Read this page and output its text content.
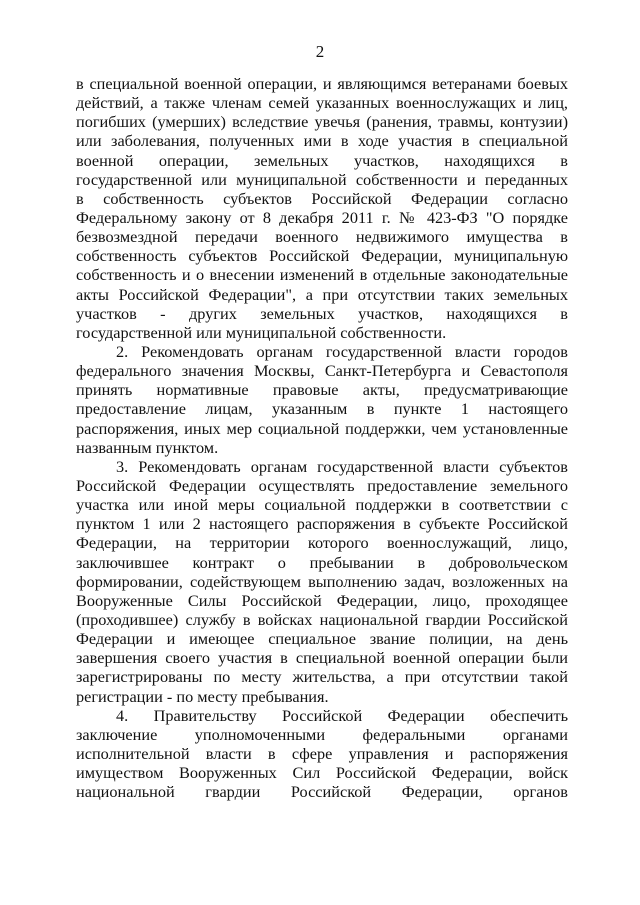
2
в специальной военной операции, и являющимся ветеранами боевых
действий, а также членам семей указанных военнослужащих и лиц,
погибших (умерших) вследствие увечья (ранения, травмы, контузии)
или заболевания, полученных ими в ходе участия в специальной
военной операции, земельных участков, находящихся в
государственной или муниципальной собственности и переданных
в собственность субъектов Российской Федерации согласно
Федеральному закону от 8 декабря 2011 г. № 423-ФЗ "О порядке
безвозмездной передачи военного недвижимого имущества в
собственность субъектов Российской Федерации, муниципальную
собственность и о внесении изменений в отдельные законодательные
акты Российской Федерации", а при отсутствии таких земельных
участков - других земельных участков, находящихся в
государственной или муниципальной собственности.
2. Рекомендовать органам государственной власти городов
федерального значения Москвы, Санкт-Петербурга и Севастополя
принять нормативные правовые акты, предусматривающие
предоставление лицам, указанным в пункте 1 настоящего
распоряжения, иных мер социальной поддержки, чем установленные
названным пунктом.
3. Рекомендовать органам государственной власти субъектов
Российской Федерации осуществлять предоставление земельного
участка или иной меры социальной поддержки в соответствии с
пунктом 1 или 2 настоящего распоряжения в субъекте Российской
Федерации, на территории которого военнослужащий, лицо,
заключившее контракт о пребывании в добровольческом
формировании, содействующем выполнению задач, возложенных на
Вооруженные Силы Российской Федерации, лицо, проходящее
(проходившее) службу в войсках национальной гвардии Российской
Федерации и имеющее специальное звание полиции, на день
завершения своего участия в специальной военной операции были
зарегистрированы по месту жительства, а при отсутствии такой
регистрации - по месту пребывания.
4. Правительству Российской Федерации обеспечить
заключение уполномоченными федеральными органами
исполнительной власти в сфере управления и распоряжения
имуществом Вооруженных Сил Российской Федерации, войск
национальной гвардии Российской Федерации, органов
